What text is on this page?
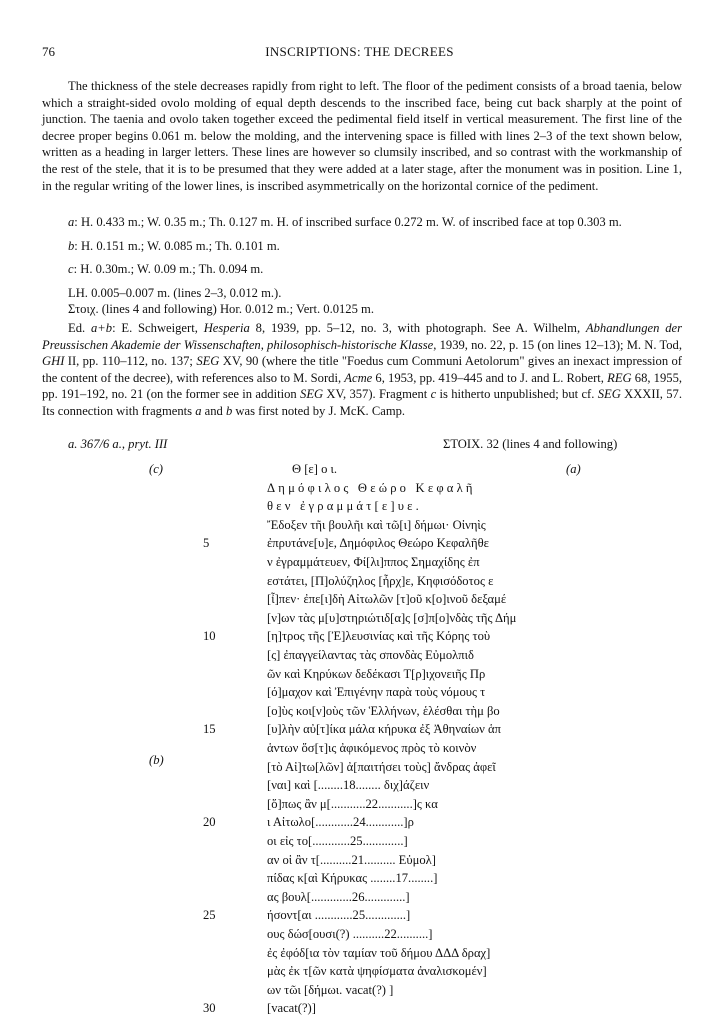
76	INSCRIPTIONS: THE DECREES
The thickness of the stele decreases rapidly from right to left. The floor of the pediment consists of a broad taenia, below which a straight-sided ovolo molding of equal depth descends to the inscribed face, being cut back sharply at the point of junction. The taenia and ovolo taken together exceed the pedimental field itself in vertical measurement. The first line of the decree proper begins 0.061 m. below the molding, and the intervening space is filled with lines 2–3 of the text shown below, written as a heading in larger letters. These lines are however so clumsily inscribed, and so contrast with the workmanship of the rest of the stele, that it is to be presumed that they were added at a later stage, after the monument was in position. Line 1, in the regular writing of the lower lines, is inscribed asymmetrically on the horizontal cornice of the pediment.
a: H. 0.433 m.; W. 0.35 m.; Th. 0.127 m. H. of inscribed surface 0.272 m. W. of inscribed face at top 0.303 m.
b: H. 0.151 m.; W. 0.085 m.; Th. 0.101 m.
c: H. 0.30m.; W. 0.09 m.; Th. 0.094 m.
LH. 0.005–0.007 m. (lines 2–3, 0.012 m.).
Στοιχ. (lines 4 and following) Hor. 0.012 m.; Vert. 0.0125 m.
Ed. a+b: E. Schweigert, Hesperia 8, 1939, pp. 5–12, no. 3, with photograph. See A. Wilhelm, Abhandlungen der Preussischen Akademie der Wissenschaften, philosophisch-historische Klasse, 1939, no. 22, p. 15 (on lines 12–13); M. N. Tod, GHI II, pp. 110–112, no. 137; SEG XV, 90 (where the title "Foedus cum Communi Aetolorum" gives an inexact impression of the content of the decree), with references also to M. Sordi, Acme 6, 1953, pp. 419–445 and to J. and L. Robert, REG 68, 1955, pp. 191–192, no. 21 (on the former see in addition SEG XV, 357). Fragment c is hitherto unpublished; but cf. SEG XXXII, 57. Its connection with fragments a and b was first noted by J. McK. Camp.
a. 367/6 a., pryt. III	ΣΤΟΙΧ. 32 (lines 4 and following)
(c)	(a)
(b)
Θ [ε] ο ι.
Δημόφιλος Θεώρο Κεφαλῆ
θεν ἐγραμμάτ[ε]υε.
Ἔδοξεν τῆι βουλῆι καὶ τῶ[ι] δήμωι· Οἰνηὶς
ἐπρυτάνε[υ]ε, Δημόφιλος Θεώρο Κεφαλῆθε
ν ἐγραμμάτευεν, Φί[λι]ππος Σημαχίδης ἐπ
εστάτει, [Π]ολύζηλος [ἦρχ]ε, Κηφισόδοτος ε
[ἶ]πεν· ἐπε[ι]δὴ Αἰτωλῶν [τ]οῦ κ[ο]ινοῦ δεξαμέ
[ν]ων τὰς μ[υ]στηριώτιδ[α]ς [σ]π[ο]νδὰς τῆς Δήμ
[η]τρος τῆς [Ἐ]λευσινίας καὶ τῆς Κόρης τοὺ
[ς] ἐπαγγείλαντας τὰς σπονδὰς Εὐμολπιδ
ῶν καὶ Κηρύκων δεδέκασι Τ[ρ]ιχονειῆς Πρ
[ό]μαχον καὶ Ἐπιγένην παρὰ τοὺς νόμους τ
[ο]ὺς κοι[ν]οὺς τῶν Ἑλλήνων, ἑλέσθαι τὴμ βο
[υ]λὴν αὐ[τ]ίκα μάλα κήρυκα ἐξ Ἀθηναίων ἁπ
ἁντων ὅσ[τ]ις ἀφικόμενος πρὸς τὸ κοινὸν
[τὸ Αἰ]τω[λῶν] ἀ[παιτήσει τοὺς] ἄνδρας ἀφεῖ
[ναι] καὶ [........18........ διχ]άζειν
[ὅ]πως ἂν μ[...........22...........]ς κα
ι Αἰτωλο[............24............]ρ
οι εἰς το[............25.............]
αν οἱ ἂν τ[..........21.......... Εὐμολ]
πίδας κ[αὶ Κήρυκας ........17........]
ας βουλ[.............26.............]
ήσοντ[αι ............25.............]
ους δώσ[ουσι(?) ..........22..........]
ἐς ἐφόδ[ια τὸν ταμίαν τοῦ δήμου ΔΔΔ δραχ]
μὰς ἐκ τ[ῶν κατὰ ψηφίσματα ἀναλισκομέν]
ων τῶι [δήμωι. vacat(?) ]
[vacat(?)]
5
10
15
20
25
30
